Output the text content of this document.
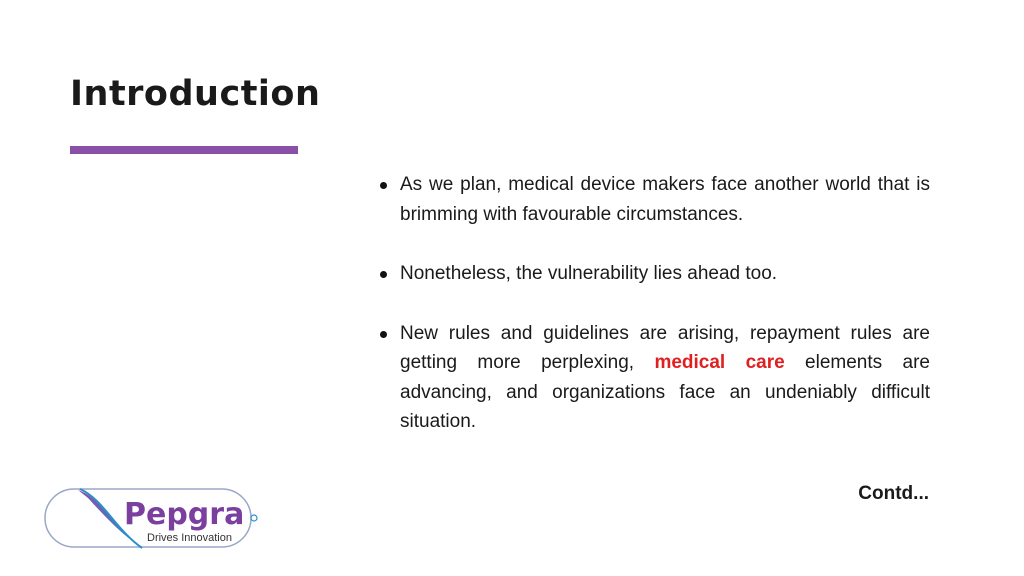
Introduction
As we plan, medical device makers face another world that is brimming with favourable circumstances.
Nonetheless, the vulnerability lies ahead too.
New rules and guidelines are arising, repayment rules are getting more perplexing, medical care elements are advancing, and organizations face an undeniably difficult situation.
Contd...
Pepgra
Drives Innovation
